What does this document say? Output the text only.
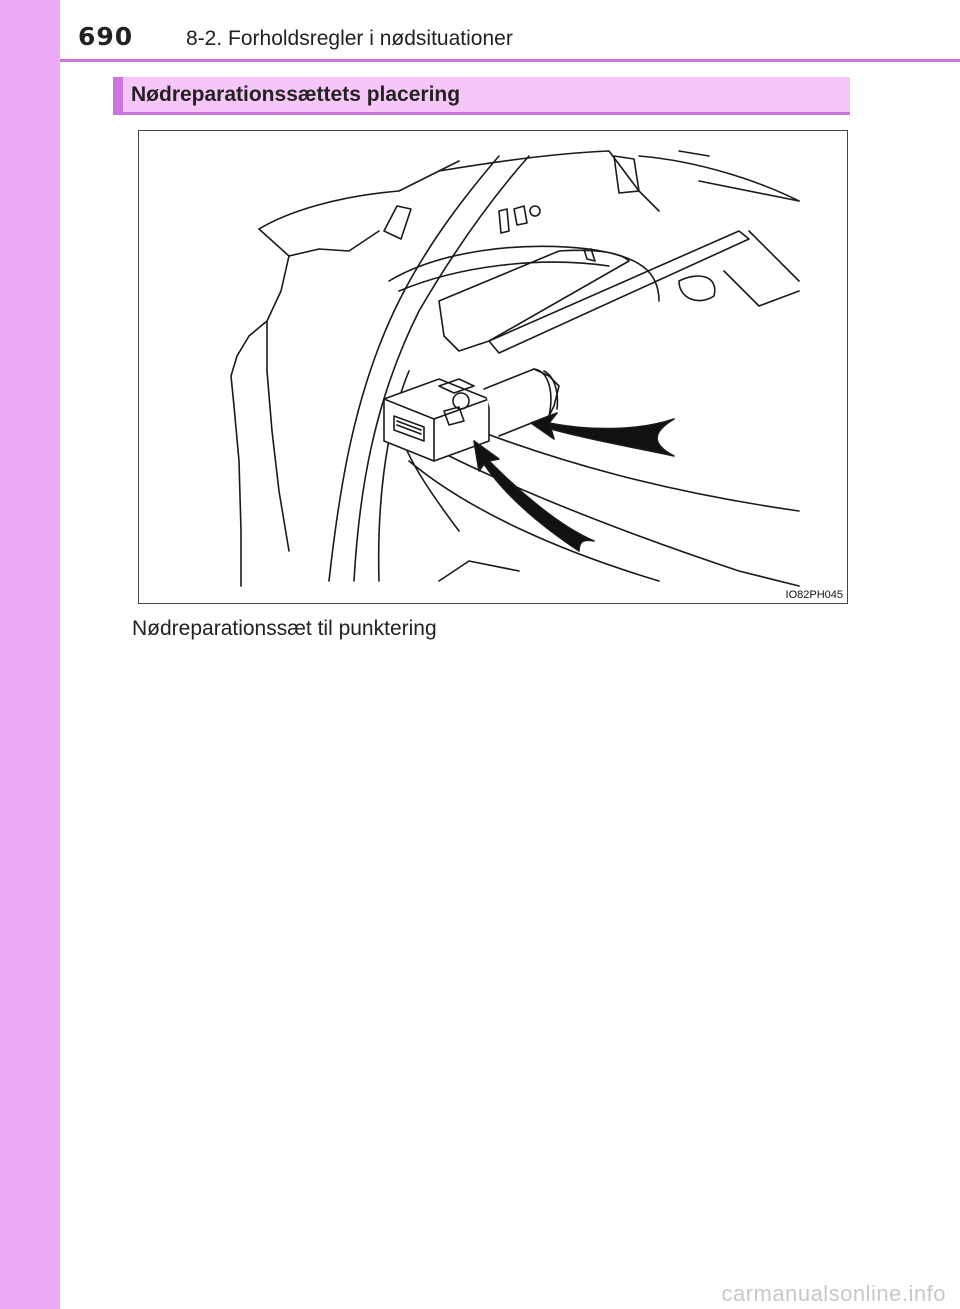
690	8-2. Forholdsregler i nødsituationer
Nødreparationssættets placering
IO82PH045
Nødreparationssæt til punktering
carmanualsonline.info
